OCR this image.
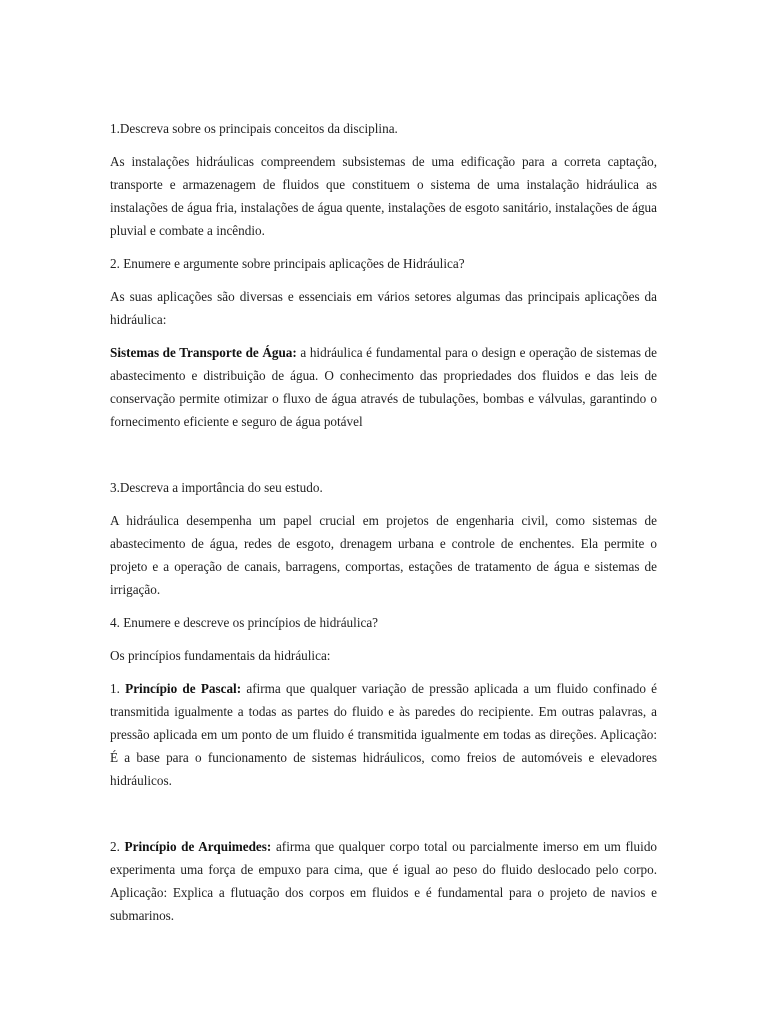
1.Descreva sobre os principais conceitos da disciplina.

As instalações hidráulicas compreendem subsistemas de uma edificação para a correta captação, transporte e armazenagem de fluidos que constituem o sistema de uma instalação hidráulica as instalações de água fria, instalações de água quente, instalações de esgoto sanitário, instalações de água pluvial e combate a incêndio.

2. Enumere e argumente sobre principais aplicações de Hidráulica?

As suas aplicações são diversas e essenciais em vários setores algumas das principais aplicações da hidráulica:

Sistemas de Transporte de Água: a hidráulica é fundamental para o design e operação de sistemas de abastecimento e distribuição de água. O conhecimento das propriedades dos fluidos e das leis de conservação permite otimizar o fluxo de água através de tubulações, bombas e válvulas, garantindo o fornecimento eficiente e seguro de água potável

3.Descreva a importância do seu estudo.

A hidráulica desempenha um papel crucial em projetos de engenharia civil, como sistemas de abastecimento de água, redes de esgoto, drenagem urbana e controle de enchentes. Ela permite o projeto e a operação de canais, barragens, comportas, estações de tratamento de água e sistemas de irrigação.

4. Enumere e descreve os princípios de hidráulica?

Os princípios fundamentais da hidráulica:

1. Princípio de Pascal: afirma que qualquer variação de pressão aplicada a um fluido confinado é transmitida igualmente a todas as partes do fluido e às paredes do recipiente. Em outras palavras, a pressão aplicada em um ponto de um fluido é transmitida igualmente em todas as direções. Aplicação: É a base para o funcionamento de sistemas hidráulicos, como freios de automóveis e elevadores hidráulicos.

2. Princípio de Arquimedes: afirma que qualquer corpo total ou parcialmente imerso em um fluido experimenta uma força de empuxo para cima, que é igual ao peso do fluido deslocado pelo corpo. Aplicação: Explica a flutuação dos corpos em fluidos e é fundamental para o projeto de navios e submarinos.
